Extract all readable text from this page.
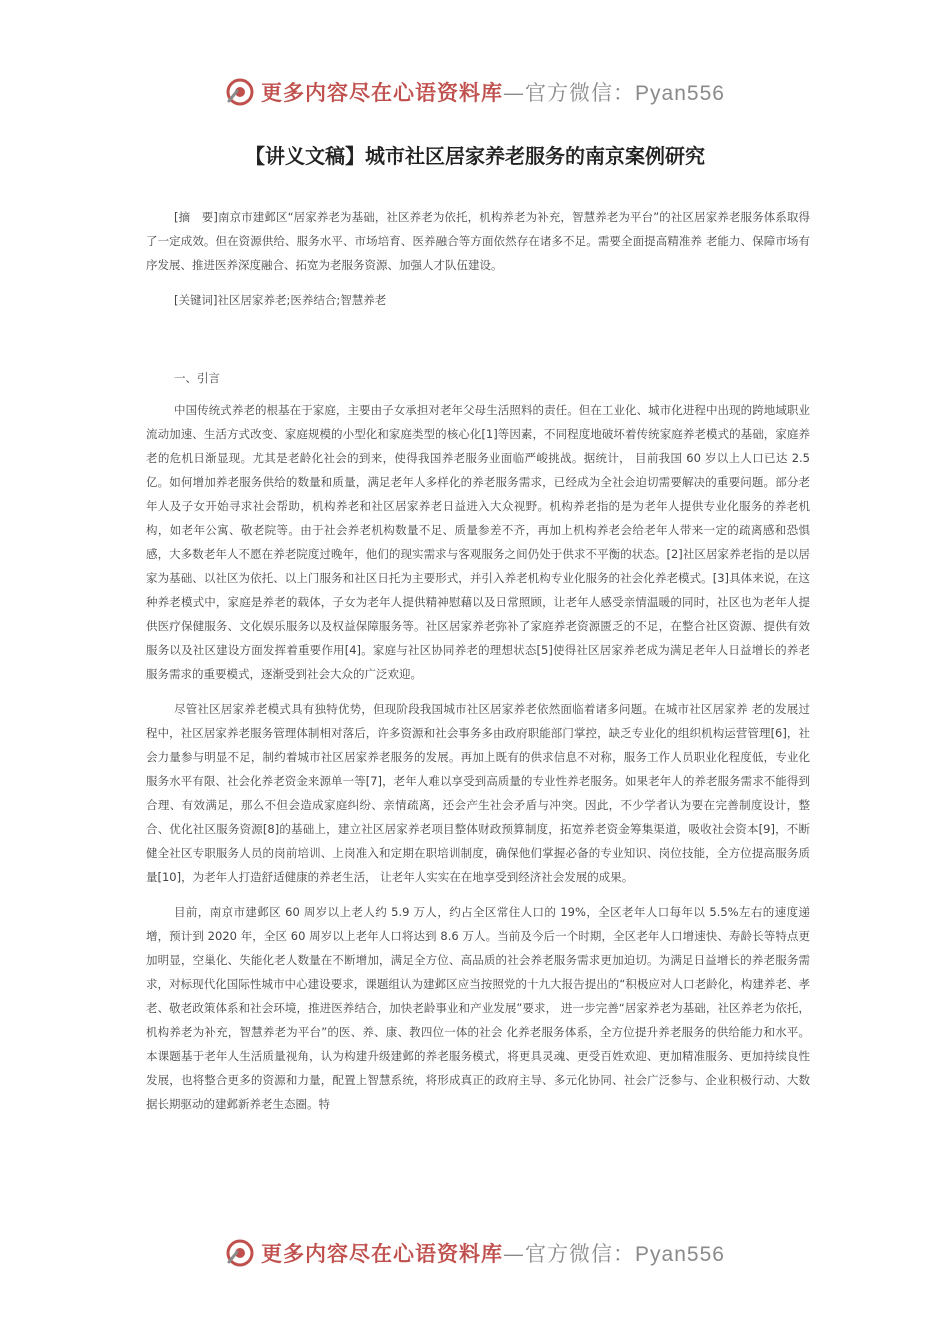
更多内容尽在心语资料库—官方微信：Pyan556
【讲义文稿】城市社区居家养老服务的南京案例研究

[摘　要]南京市建邺区“居家养老为基础，社区养老为依托，机构养老为补充，智慧养老为平台”的社区居家养老服务体系取得了一定成效。但在资源供给、服务水平、市场培育、医养融合等方面依然存在诸多不足。需要全面提高精准养 老能力、保障市场有序发展、推进医养深度融合、拓宽为老服务资源、加强人才队伍建设。

[关键词]社区居家养老;医养结合;智慧养老

一、引言

中国传统式养老的根基在于家庭，主要由子女承担对老年父母生活照料的责任。但在工业化、城市化进程中出现的跨地域职业流动加速、生活方式改变、家庭规模的小型化和家庭类型的核心化[1]等因素，不同程度地破坏着传统家庭养老模式的基础，家庭养老的危机日渐显现。尤其是老龄化社会的到来，使得我国养老服务业面临严峻挑战。据统计， 目前我国 60 岁以上人口已达 2.5 亿。如何增加养老服务供给的数量和质量，满足老年人多样化的养老服务需求，已经成为全社会迫切需要解决的重要问题。部分老年人及子女开始寻求社会帮助，机构养老和社区居家养老日益进入大众视野。机构养老指的是为老年人提供专业化服务的养老机构，如老年公寓、敬老院等。由于社会养老机构数量不足、质量参差不齐，再加上机构养老会给老年人带来一定的疏离感和恐惧感，大多数老年人不愿在养老院度过晚年，他们的现实需求与客观服务之间仍处于供求不平衡的状态。[2]社区居家养老指的是以居家为基础、以社区为依托、以上门服务和社区日托为主要形式，并引入养老机构专业化服务的社会化养老模式。[3]具体来说，在这种养老模式中，家庭是养老的载体，子女为老年人提供精神慰藉以及日常照顾，让老年人感受亲情温暖的同时，社区也为老年人提供医疗保健服务、文化娱乐服务以及权益保障服务等。社区居家养老弥补了家庭养老资源匮乏的不足，在整合社区资源、提供有效服务以及社区建设方面发挥着重要作用[4]。家庭与社区协同养老的理想状态[5]使得社区居家养老成为满足老年人日益增长的养老服务需求的重要模式，逐渐受到社会大众的广泛欢迎。

尽管社区居家养老模式具有独特优势，但现阶段我国城市社区居家养老依然面临着诸多问题。在城市社区居家养 老的发展过程中，社区居家养老服务管理体制相对落后，许多资源和社会事务多由政府职能部门掌控，缺乏专业化的组织机构运营管理[6]，社会力量参与明显不足，制约着城市社区居家养老服务的发展。再加上既有的供求信息不对称，服务工作人员职业化程度低，专业化服务水平有限、社会化养老资金来源单一等[7]，老年人难以享受到高质量的专业性养老服务。如果老年人的养老服务需求不能得到合理、有效满足，那么不但会造成家庭纠纷、亲情疏离，还会产生社会矛盾与冲突。因此，不少学者认为要在完善制度设计，整合、优化社区服务资源[8]的基础上，建立社区居家养老项目整体财政预算制度，拓宽养老资金筹集渠道，吸收社会资本[9]，不断健全社区专职服务人员的岗前培训、上岗准入和定期在职培训制度，确保他们掌握必备的专业知识、岗位技能，全方位提高服务质量[10]，为老年人打造舒适健康的养老生活， 让老年人实实在在地享受到经济社会发展的成果。

目前，南京市建邺区 60 周岁以上老人约 5.9 万人，约占全区常住人口的 19%，全区老年人口每年以 5.5%左右的速度递增，预计到 2020 年，全区 60 周岁以上老年人口将达到 8.6 万人。当前及今后一个时期，全区老年人口增速快、寿龄长等特点更加明显，空巢化、失能化老人数量在不断增加，满足全方位、高品质的社会养老服务需求更加迫切。为满足日益增长的养老服务需求，对标现代化国际性城市中心建设要求，课题组认为建邺区应当按照党的十九大报告提出的“积极应对人口老龄化，构建养老、孝老、敬老政策体系和社会环境，推进医养结合，加快老龄事业和产业发展”要求， 进一步完善“居家养老为基础，社区养老为依托，机构养老为补充，智慧养老为平台”的医、养、康、教四位一体的社会 化养老服务体系，全方位提升养老服务的供给能力和水平。本课题基于老年人生活质量视角，认为构建升级建邺的养老服务模式，将更具灵魂、更受百姓欢迎、更加精准服务、更加持续良性发展，也将整合更多的资源和力量，配置上智慧系统，将形成真正的政府主导、多元化协同、社会广泛参与、企业积极行动、大数据长期驱动的建邺新养老生态圈。特

更多内容尽在心语资料库—官方微信：Pyan556
